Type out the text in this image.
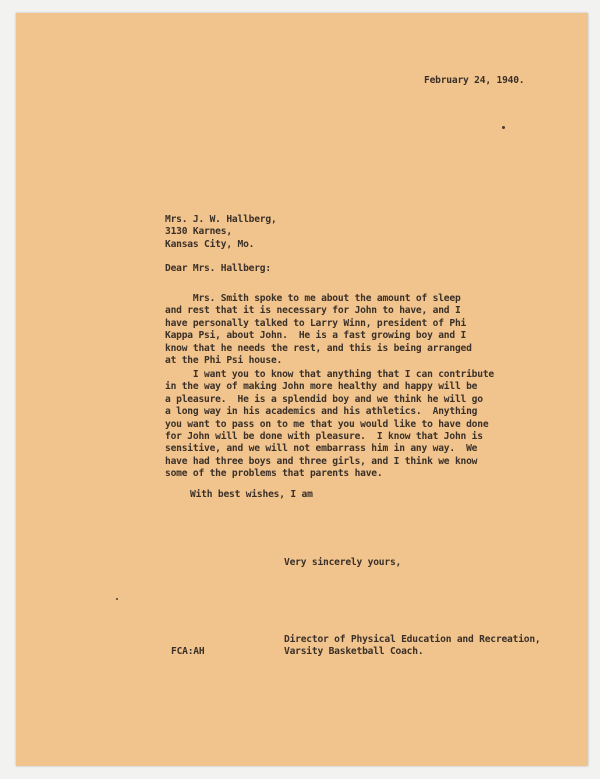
February 24, 1940.
Mrs. J. W. Hallberg,
3130 Karnes,
Kansas City, Mo.
Dear Mrs. Hallberg:
Mrs. Smith spoke to me about the amount of sleep
and rest that it is necessary for John to have, and I
have personally talked to Larry Winn, president of Phi
Kappa Psi, about John.  He is a fast growing boy and I
know that he needs the rest, and this is being arranged
at the Phi Psi house.
I want you to know that anything that I can contribute
in the way of making John more healthy and happy will be
a pleasure.  He is a splendid boy and we think he will go
a long way in his academics and his athletics.  Anything
you want to pass on to me that you would like to have done
for John will be done with pleasure.  I know that John is
sensitive, and we will not embarrass him in any way.  We
have had three boys and three girls, and I think we know
some of the problems that parents have.
With best wishes, I am
Very sincerely yours,
Director of Physical Education and Recreation,
Varsity Basketball Coach.
FCA:AH
